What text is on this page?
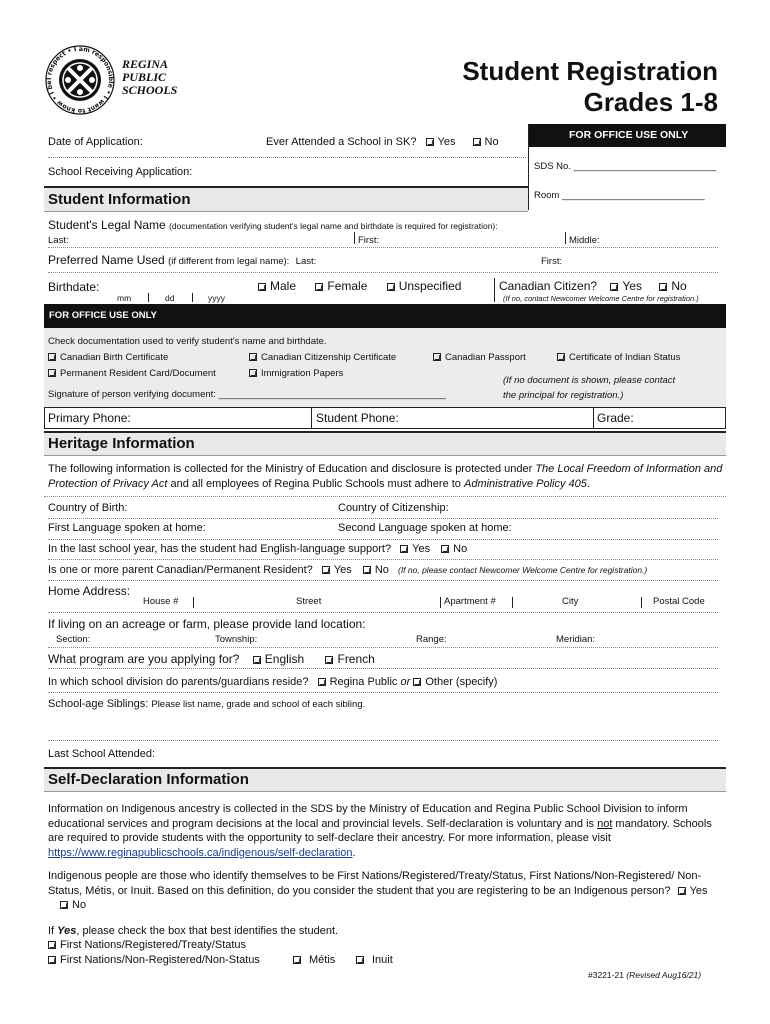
I respect • I am responsible • I want to know • I be
REGINA
PUBLIC
SCHOOLS
Student Registration
Grades 1-8
FOR OFFICE USE ONLY
SDS No. ___________________________
Room ___________________________
Date of Application:	Ever Attended a School in SK? Yes	No
School Receiving Application:
Student Information
Student's Legal Name (documentation verifying student's legal name and birthdate is required for registration):
Last:	First:	Middle:
Preferred Name Used (if different from legal name): Last:	First:
Birthdate:
mm	dd	yyyy
Male	Female	Unspecified	Canadian Citizen? Yes No
(If no, contact Newcomer Welcome Centre for registration.)
FOR OFFICE USE ONLY
Check documentation used to verify student's name and birthdate.
Canadian Birth Certificate	Canadian Citizenship Certificate	Canadian Passport	Certificate of Indian Status
Permanent Resident Card/Document	Immigration Papers
(If no document is shown, please contact
the principal for registration.)
Signature of person verifying document: ___________________________________________
Primary Phone:	Student Phone:	Grade:
Heritage Information
The following information is collected for the Ministry of Education and disclosure is protected under The Local Freedom of Information and Protection of Privacy Act and all employees of Regina Public Schools must adhere to Administrative Policy 405.
Country of Birth:	Country of Citizenship:
First Language spoken at home:	Second Language spoken at home:
In the last school year, has the student had English-language support? Yes No
Is one or more parent Canadian/Permanent Resident? Yes No (If no, please contact Newcomer Welcome Centre for registration.)
Home Address:
House #	Street	Apartment #	City	Postal Code
If living on an acreage or farm, please provide land location:
Section:	Township:	Range:	Meridian:
What program are you applying for? English	French
In which school division do parents/guardians reside? Regina Public or Other (specify)
School-age Siblings: Please list name, grade and school of each sibling.
Last School Attended:
Self-Declaration Information
Information on Indigenous ancestry is collected in the SDS by the Ministry of Education and Regina Public School Division to inform educational services and program decisions at the local and provincial levels. Self-declaration is voluntary and is not mandatory. Schools are required to provide students with the opportunity to self-declare their ancestry. For more information, please visit https://www.reginapublicschools.ca/indigenous/self-declaration.
Indigenous people are those who identify themselves to be First Nations/Registered/Treaty/Status, First Nations/Non-Registered/ Non-Status, Métis, or Inuit. Based on this definition, do you consider the student that you are registering to be an Indigenous person? Yes No
If Yes, please check the box that best identifies the student.
First Nations/Registered/Treaty/Status
First Nations/Non-Registered/Non-Status	Métis	Inuit
#3221-21 (Revised Aug16/21)
